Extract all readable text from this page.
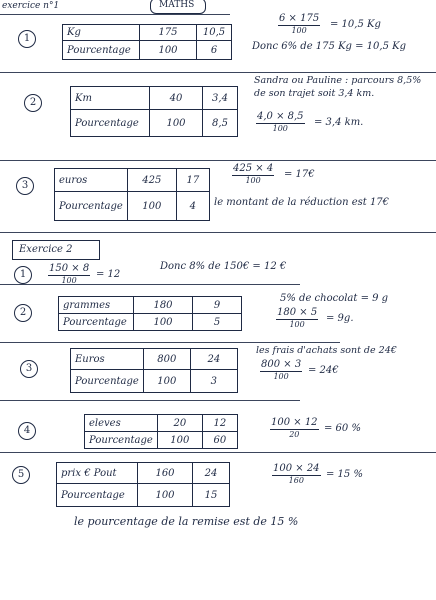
exercice n°1	MATHS
1
Kg	175	10,5
Pourcentage	100	6
6 × 175
100 = 10,5 Kg
Donc 6% de 175 Kg = 10,5 Kg
2	Km	40	3,4
Pourcentage	100	8,5
Sandra ou Pauline : parcours 8,5%
de son trajet soit 3,4 km.
4,0 × 8,5
100	= 3,4 km.
3	euros	425	17
Pourcentage	100	4
425 × 4
100 = 17€
le montant de la réduction est 17€
Exercice 2
1
150 × 8
100 = 12
Donc 8% de 150€ = 12 €
2
grammes	180	9
Pourcentage	100	5
5% de chocolat = 9 g
180 × 5
100 = 9g.
3
Euros	800	24
Pourcentage	100	3
les frais d'achats sont de 24€
800 × 3
100 = 24€
4
eleves	20	12
Pourcentage	100	60
100 × 12
20 = 60 %
5	prix € Pout	160	24
Pourcentage	100	15
100 × 24
160 = 15 %
le pourcentage de la remise est de 15 %
